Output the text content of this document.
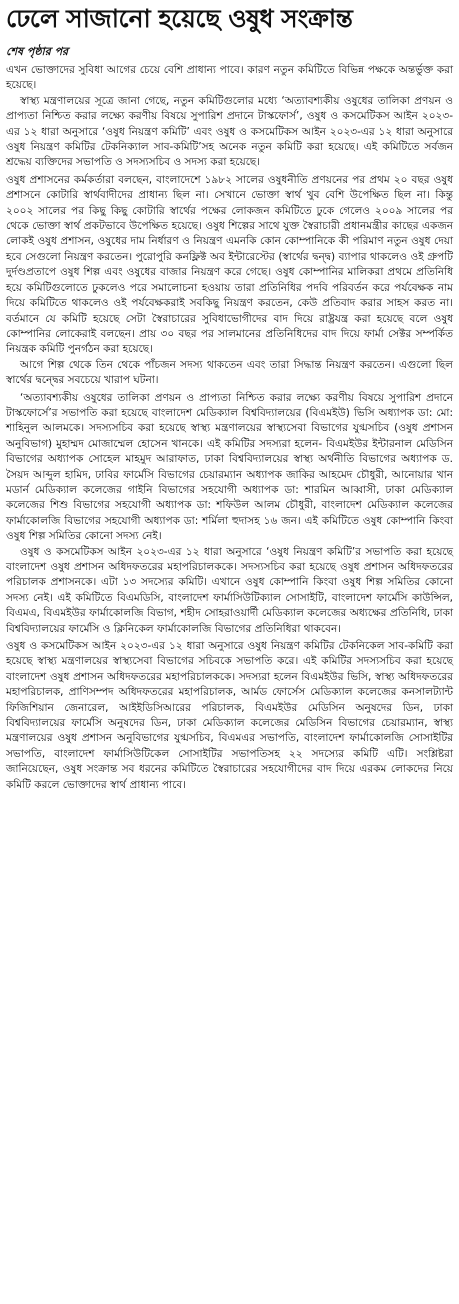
ঢেলে সাজানো হয়েছে ওষুধ সংক্রান্ত
শেষ পৃষ্ঠার পর

এখন ভোক্তাদের সুবিধা আগের চেয়ে বেশি প্রাধান্য পাবে। কারণ নতুন কমিটিতে বিভিন্ন পক্ষকে অন্তর্ভুক্ত করা হয়েছে।

স্বাস্থ্য মন্ত্রণালয়ের সূত্রে জানা গেছে, নতুন কমিটিগুলোর মধ্যে ‘অত্যাবশ্যকীয় ওষুধের তালিকা প্রণয়ন ও প্রাপ্যতা নিশ্চিত করার লক্ষ্যে করণীয় বিষয়ে সুপারিশ প্রদানে টাস্কফোর্স’, ওষুধ ও কসমেটিকস আইন ২০২৩-এর ১২ ধারা অনুসারে ‘ওষুধ নিয়ন্ত্রণ কমিটি’ এবং ওষুধ ও কসমেটিকস আইন ২০২৩-এর ১২ ধারা অনুসারে ওষুধ নিয়ন্ত্রণ কমিটির টেকনিক্যাল সাব-কমিটি’সহ অনেক নতুন কমিটি করা হয়েছে। এই কমিটিতে সর্বজন শ্রদ্ধেয় ব্যক্তিদের সভাপতি ও সদস্যসচিব ও সদস্য করা হয়েছে।

ওষুধ প্রশাসনের কর্মকর্তারা বলছেন, বাংলাদেশে ১৯৮২ সালের ওষুধনীতি প্রণয়নের পর প্রথম ২০ বছর ওষুধ প্রশাসনে কোটারি স্বার্থবাদীদের প্রাধান্য ছিল না। সেখানে ভোক্তা স্বার্থ খুব বেশি উপেক্ষিত ছিল না। কিন্তু ২০০২ সালের পর কিছু কিছু কোটারি স্বার্থের পক্ষের লোকজন কমিটিতে ঢুকে গেলেও ২০০৯ সালের পর থেকে ভোক্তা স্বার্থ প্রকটভাবে উপেক্ষিত হয়েছে। ওষুধ শিল্পের সাথে যুক্ত স্বৈরাচারী প্রধানমন্ত্রীর কাছের একজন লোকই ওষুধ প্রশাসন, ওষুধের দাম নির্ধারণ ও নিয়ন্ত্রণ এমনকি কোন কোম্পানিকে কী পরিমাণ নতুন ওষুধ দেয়া হবে সেগুলো নিয়ন্ত্রণ করতেন। পুরোপুরি কনফ্লিক্ট অব ইন্টারেস্টের (স্বার্থের দ্বন্দ্ব) ব্যাপার থাকলেও ওই গ্রুপটি দুর্দণ্ডপ্রতাপে ওষুধ শিল্প এবং ওষুধের বাজার নিয়ন্ত্রণ করে গেছে। ওষুধ কোম্পানির মালিকরা প্রথমে প্রতিনিধি হয়ে কমিটিগুলোতে ঢুকলেও পরে সমালোচনা হওয়ায় তারা প্রতিনিধির পদবি পরিবর্তন করে পর্যবেক্ষক নাম দিয়ে কমিটিতে থাকলেও ওই পর্যবেক্ষকরাই সবকিছু নিয়ন্ত্রণ করতেন, কেউ প্রতিবাদ করার সাহস করত না। বর্তমানে যে কমিটি হয়েছে সেটা স্বৈরাচারের সুবিধাভোগীদের বাদ দিয়ে রাষ্ট্রযন্ত্র করা হয়েছে বলে ওষুধ কোম্পানির লোকেরাই বলছেন। প্রায় ৩০ বছর পর সালমানের প্রতিনিধিদের বাদ দিয়ে ফার্মা সেক্টর সম্পর্কিত নিয়ন্ত্রক কমিটি পুনর্গঠন করা হয়েছে।

আগে শিল্প থেকে তিন থেকে পাঁচজন সদস্য থাকতেন এবং তারা সিদ্ধান্ত নিয়ন্ত্রণ করতেন। এগুলো ছিল স্বার্থের দ্বন্দ্বের সবচেয়ে খারাপ ঘটনা।

‘অত্যাবশ্যকীয় ওষুধের তালিকা প্রণয়ন ও প্রাপ্যতা নিশ্চিত করার লক্ষ্যে করণীয় বিষয়ে সুপারিশ প্রদানে টাস্কফোর্সে’র সভাপতি করা হয়েছে বাংলাদেশ মেডিক্যাল বিশ্ববিদ্যালয়ের (বিএমইউ) ভিসি অধ্যাপক ডা: মো: শাহিনুল আলমকে। সদস্যসচিব করা হয়েছে স্বাস্থ্য মন্ত্রণালয়ের স্বাস্থ্যসেবা বিভাগের যুগ্মসচিব (ওষুধ প্রশাসন অনুবিভাগ) মুহাম্মদ মোজাম্মেল হোসেন খানকে। এই কমিটির সদস্যরা হলেন- বিএমইউর ইন্টারনাল মেডিসিন বিভাগের অধ্যাপক সোহেল মাহমুদ আরাফাত, ঢাকা বিশ্ববিদ্যালয়ের স্বাস্থ্য অর্থনীতি বিভাগের অধ্যাপক ড. সৈয়দ আব্দুল হামিদ, ঢাবির ফার্মেসি বিভাগের চেয়ারম্যান অধ্যাপক জাকির আহমেদ চৌধুরী, আনোয়ার খান মডার্ন মেডিক্যাল কলেজের গাইনি বিভাগের সহযোগী অধ্যাপক ডা: শারমিন আব্বাসী, ঢাকা মেডিক্যাল কলেজের শিশু বিভাগের সহযোগী অধ্যাপক ডা: শফিউল আলম চৌধুরী, বাংলাদেশ মেডিক্যাল কলেজের ফার্মাকোলজি বিভাগের সহযোগী অধ্যাপক ডা: শর্মিলা হুদাসহ ১৬ জন। এই কমিটিতে ওষুধ কোম্পানি কিংবা ওষুধ শিল্প সমিতির কোনো সদস্য নেই।

ওষুধ ও কসমেটিকস আইন ২০২৩-এর ১২ ধারা অনুসারে ‘ওষুধ নিয়ন্ত্রণ কমিটি’র সভাপতি করা হয়েছে বাংলাদেশ ওষুধ প্রশাসন অধিদফতরের মহাপরিচালককে। সদস্যসচিব করা হয়েছে ওষুধ প্রশাসন অধিদফতরের পরিচালক প্রশাসনকে। এটা ১৩ সদস্যের কমিটি। এখানে ওষুধ কোম্পানি কিংবা ওষুধ শিল্প সমিতির কোনো সদস্য নেই। এই কমিটিতে বিএমডিসি, বাংলাদেশ ফার্মাসিউটিক্যাল সোসাইটি, বাংলাদেশ ফার্মেসি কাউন্সিল, বিএমএ, বিএমইউর ফার্মাকোলজি বিভাগ, শহীদ সোহরাওয়ার্দী মেডিক্যাল কলেজের অধ্যক্ষের প্রতিনিধি, ঢাকা বিশ্ববিদ্যালয়ের ফার্মেসি ও ক্লিনিকেল ফার্মাকোলজি বিভাগের প্রতিনিধিরা থাকবেন।

ওষুধ ও কসমেটিকস আইন ২০২৩-এর ১২ ধারা অনুসারে ওষুধ নিয়ন্ত্রণ কমিটির টেকনিকেল সাব-কমিটি করা হয়েছে স্বাস্থ্য মন্ত্রণালয়ের স্বাস্থ্যসেবা বিভাগের সচিবকে সভাপতি করে। এই কমিটির সদস্যসচিব করা হয়েছে বাংলাদেশ ওষুধ প্রশাসন অধিদফতরের মহাপরিচালককে। সদস্যরা হলেন বিএমইউর ভিসি, স্বাস্থ্য অধিদফতরের মহাপরিচালক, প্রাণিসম্পদ অধিদফতরের মহাপরিচালক, আর্মড ফোর্সেস মেডিক্যাল কলেজের কনসালট্যান্ট ফিজিশিয়ান জেনারেল, আইইডিসিআরের পরিচালক, বিএমইউর মেডিসিন অনুষদের ডিন, ঢাকা বিশ্ববিদ্যালয়ের ফার্মেসি অনুষদের ডিন, ঢাকা মেডিক্যাল কলেজের মেডিসিন বিভাগের চেয়ারম্যান, স্বাস্থ্য মন্ত্রণালয়ের ওষুধ প্রশাসন অনুবিভাগের যুগ্মসচিব, বিএমএর সভাপতি, বাংলাদেশ ফার্মাকোলজি সোসাইটির সভাপতি, বাংলাদেশ ফার্মাসিউটিকেল সোসাইটির সভাপতিসহ ২২ সদস্যের কমিটি এটি। সংশ্লিষ্টরা জানিয়েছেন, ওষুধ সংক্রান্ত সব ধরনের কমিটিতে স্বৈরাচারের সহযোগীদের বাদ দিয়ে এরকম লোকদের নিয়ে কমিটি করলে ভোক্তাদের স্বার্থ প্রাধান্য পাবে।
